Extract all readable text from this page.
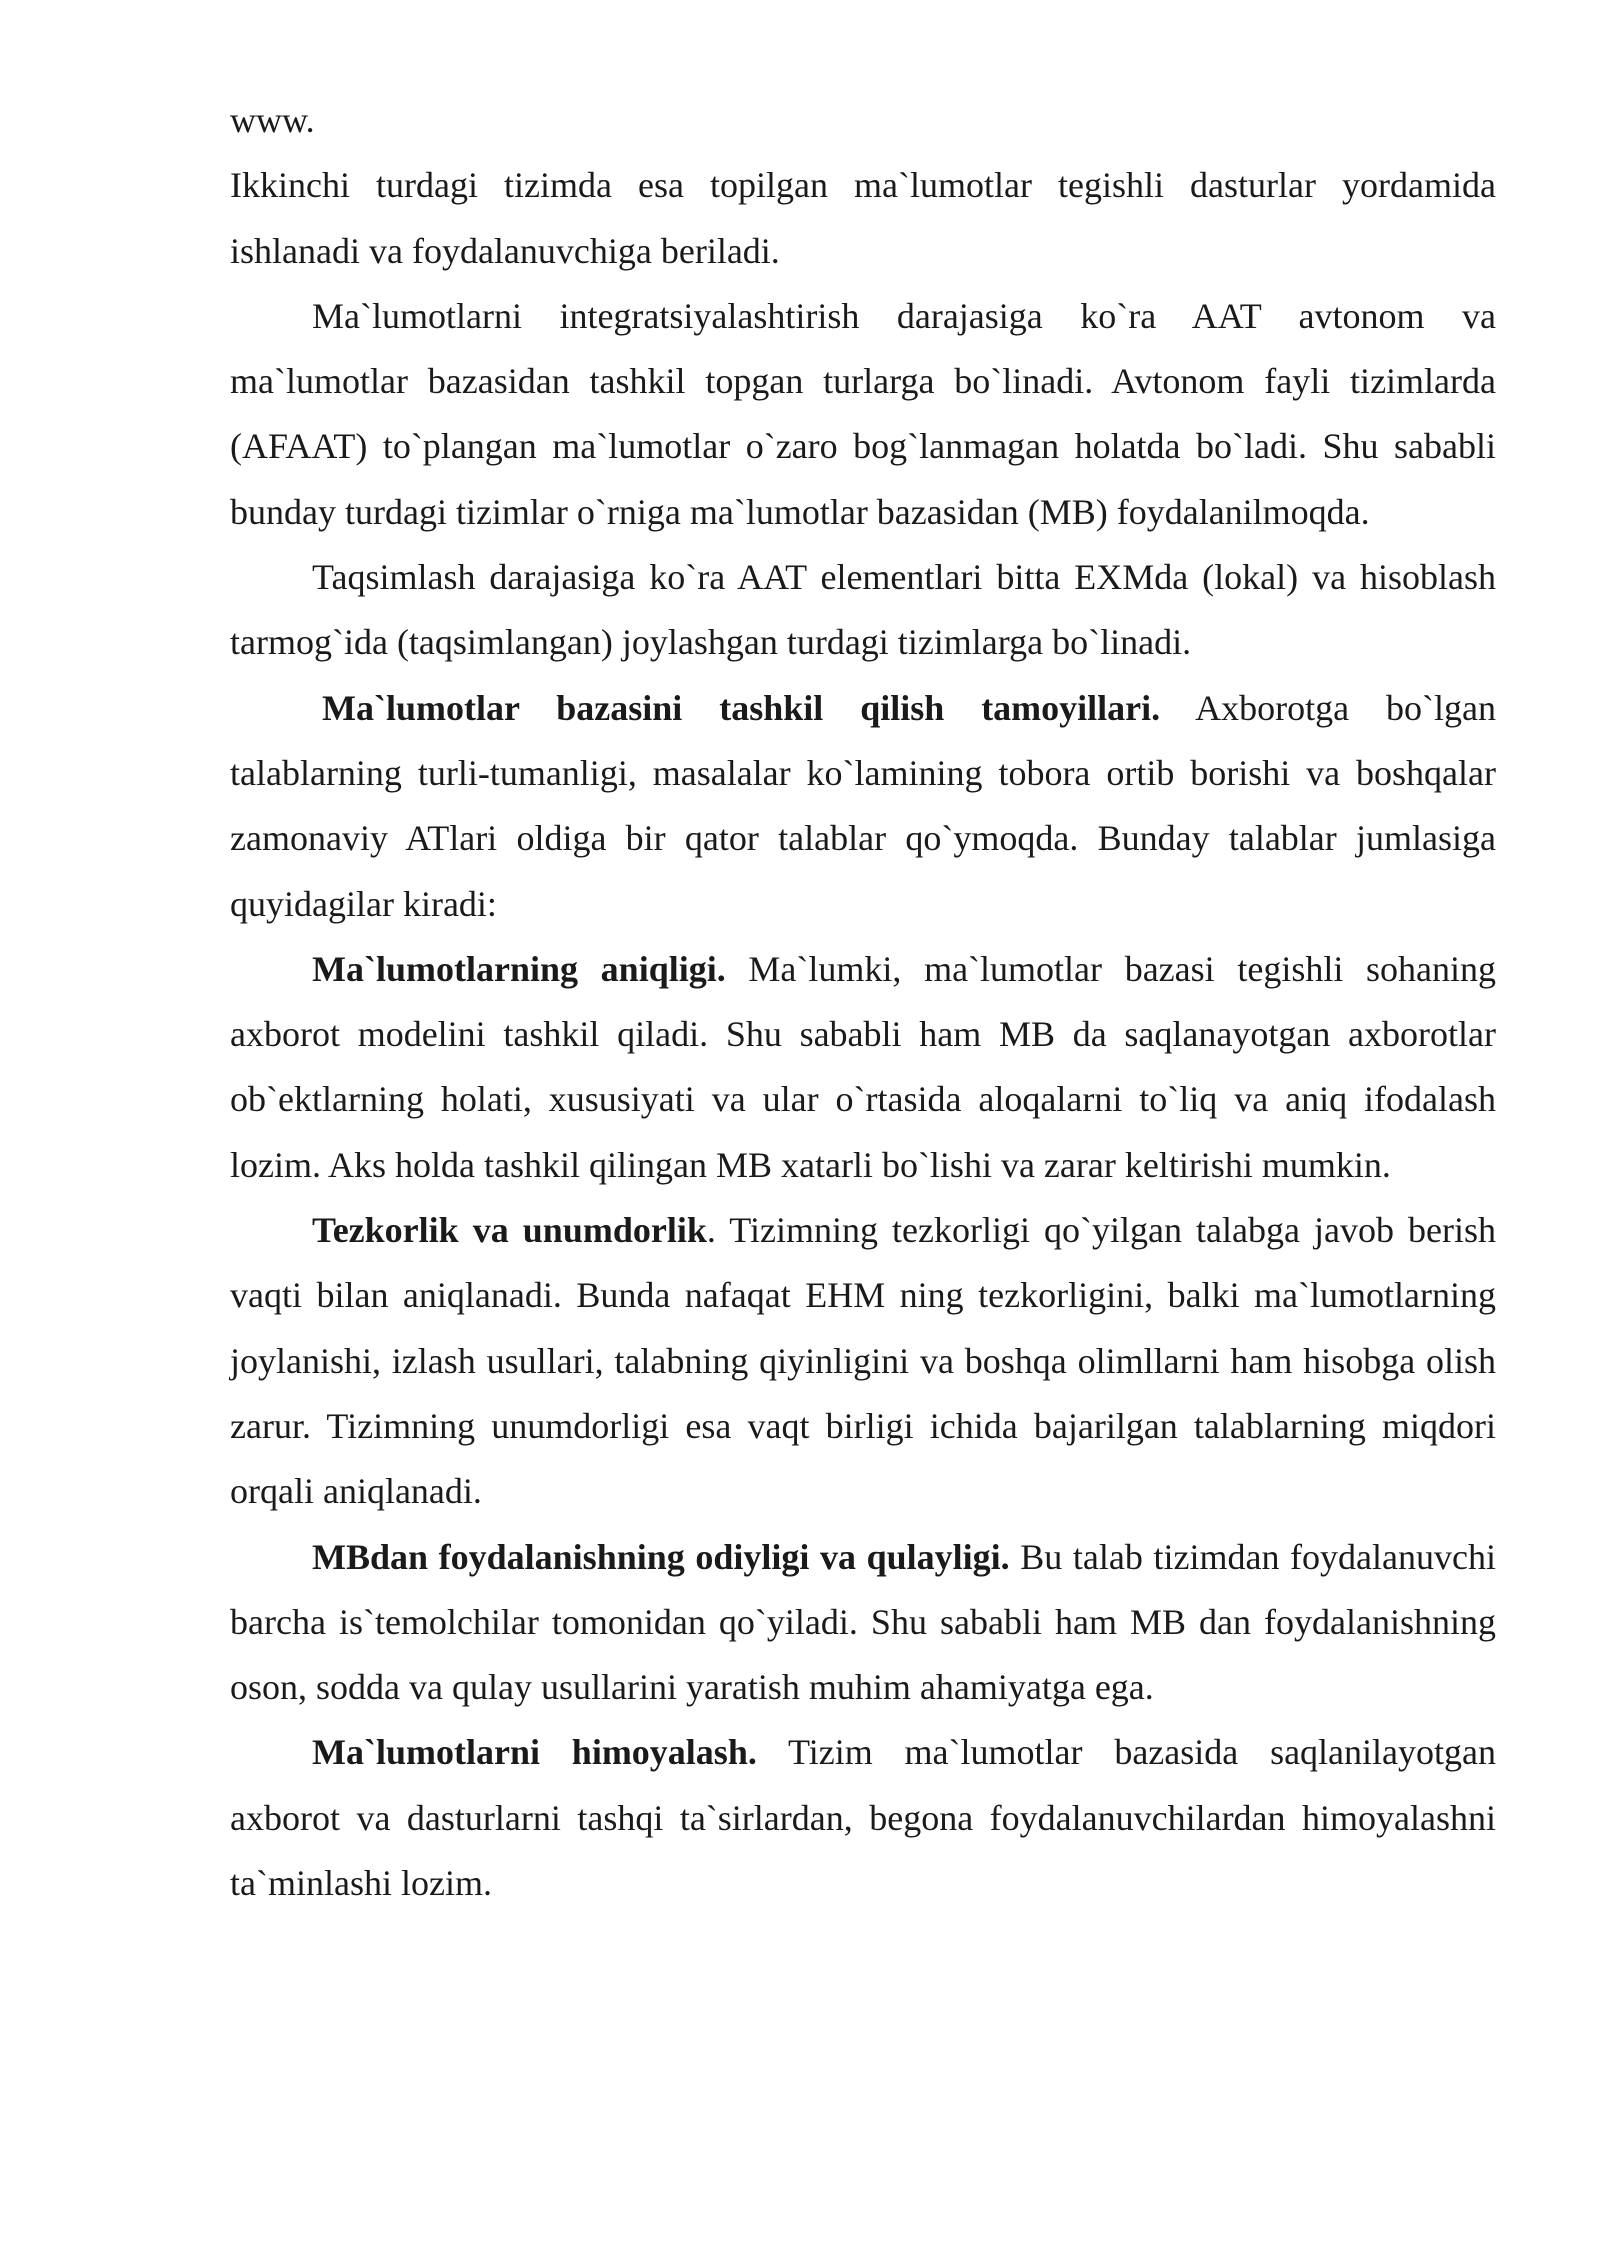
www.

Ikkinchi turdagi tizimda esa topilgan ma`lumotlar tegishli dasturlar yordamida ishlanadi va foydalanuvchiga beriladi.

Ma`lumotlarni integratsiyalashtirish darajasiga ko`ra AAT avtonom va ma`lumotlar bazasidan tashkil topgan turlarga bo`linadi. Avtonom fayli tizimlarda (AFAAT) to`plangan ma`lumotlar o`zaro bog`lanmagan holatda bo`ladi. Shu sababli bunday turdagi tizimlar o`rniga ma`lumotlar bazasidan (MB) foydalanilmoqda.

Taqsimlash darajasiga ko`ra AAT elementlari bitta EXMda (lokal) va hisoblash tarmog`ida (taqsimlangan) joylashgan turdagi tizimlarga bo`linadi.

Ma`lumotlar bazasini tashkil qilish tamoyillari. Axborotga bo`lgan talablarning turli-tumanligi, masalalar ko`lamining tobora ortib borishi va boshqalar zamonaviy ATlari oldiga bir qator talablar qo`ymoqda. Bunday talablar jumlasiga quyidagilar kiradi:

Ma`lumotlarning aniqligi. Ma`lumki, ma`lumotlar bazasi tegishli sohaning axborot modelini tashkil qiladi. Shu sababli ham MB da saqlanayotgan axborotlar ob`ektlarning holati, xususiyati va ular o`rtasida aloqalarni to`liq va aniq ifodalash lozim. Aks holda tashkil qilingan MB xatarli bo`lishi va zarar keltirishi mumkin.

Tezkorlik va unumdorlik. Tizimning tezkorligi qo`yilgan talabga javob berish vaqti bilan aniqlanadi. Bunda nafaqat EHM ning tezkorligini, balki ma`lumotlarning joylanishi, izlash usullari, talabning qiyinligini va boshqa olimllarni ham hisobga olish zarur. Tizimning unumdorligi esa vaqt birligi ichida bajarilgan talablarning miqdori orqali aniqlanadi.

MBdan foydalanishning odiyligi va qulayligi. Bu talab tizimdan foydalanuvchi barcha is`temolchilar tomonidan qo`yiladi. Shu sababli ham MB dan foydalanishning oson, sodda va qulay usullarini yaratish muhim ahamiyatga ega.

Ma`lumotlarni himoyalash. Tizim ma`lumotlar bazasida saqlanilayotgan axborot va dasturlarni tashqi ta`sirlardan, begona foydalanuvchilardan himoyalashni ta`minlashi lozim.
